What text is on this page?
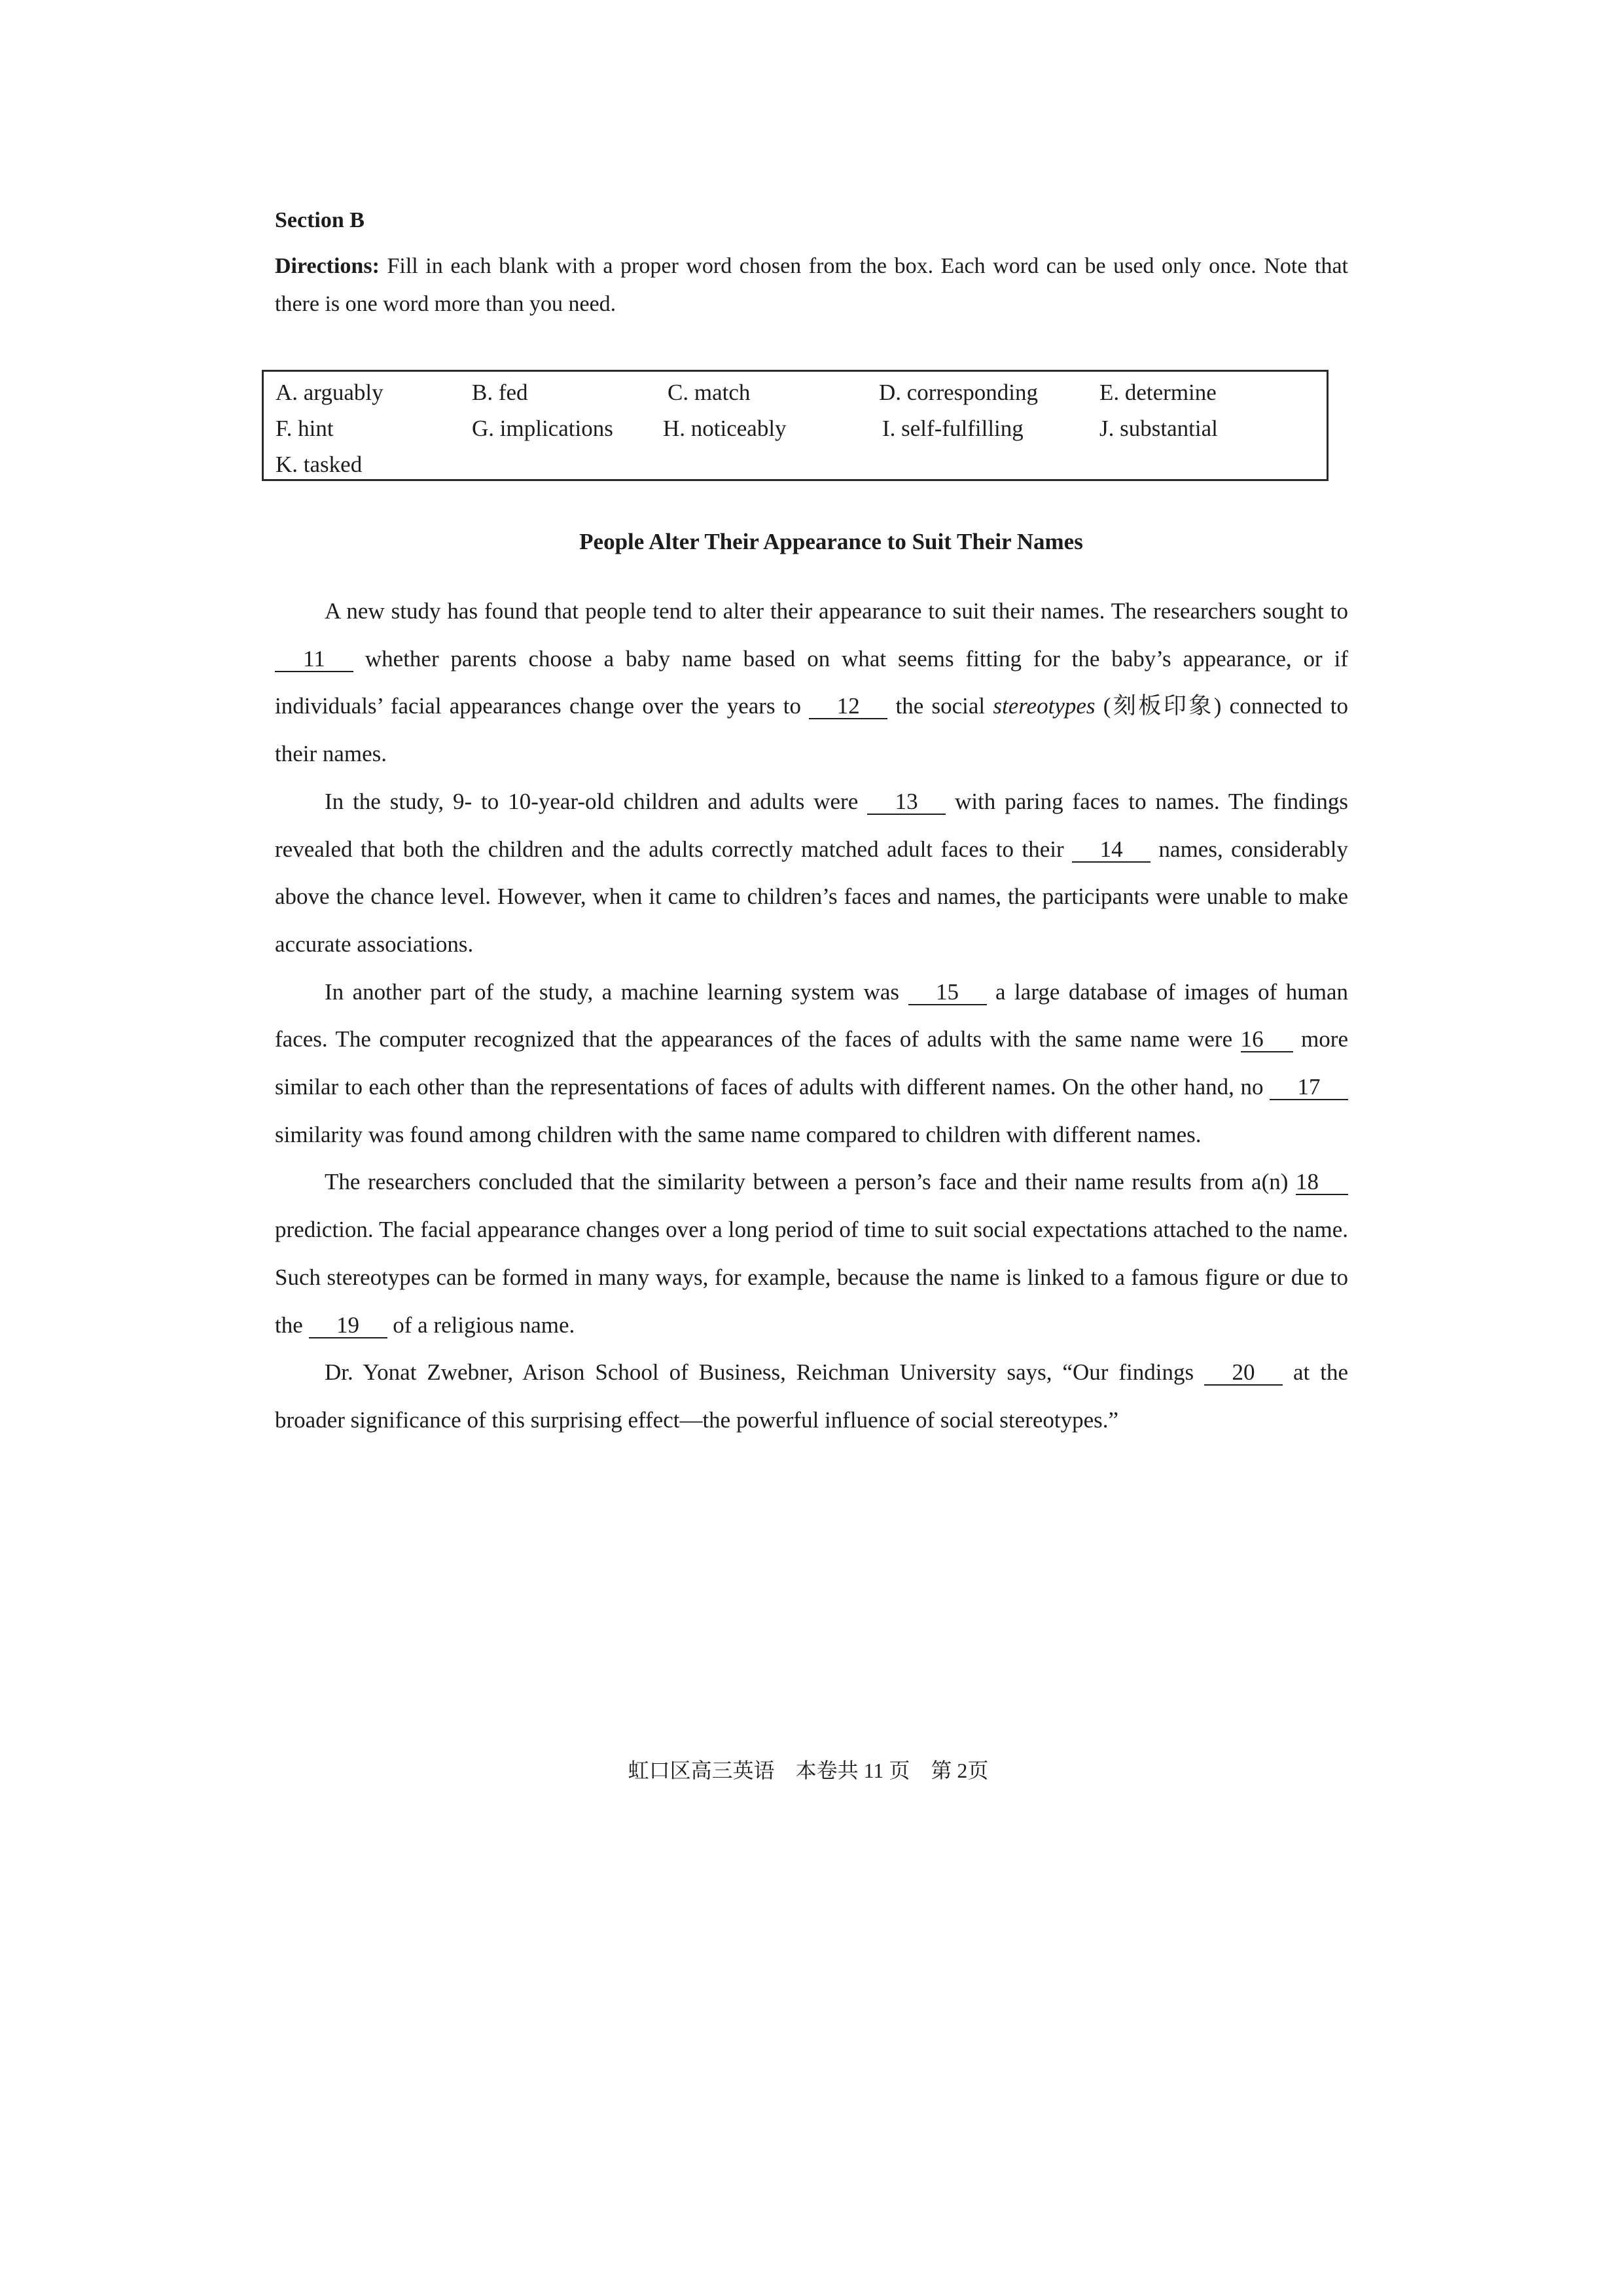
Section B
Directions: Fill in each blank with a proper word chosen from the box. Each word can be used only once. Note that there is one word more than you need.
A. arguably	B. fed	C. match	D. corresponding	E. determine
F. hint	G. implications H. noticeably	I. self-fulfilling	J. substantial
K. tasked
People Alter Their Appearance to Suit Their Names

A new study has found that people tend to alter their appearance to suit their names. The researchers sought to 11 whether parents choose a baby name based on what seems fitting for the baby’s appearance, or if individuals’ facial appearances change over the years to 12 the social stereotypes (刻板印象) connected to their names.

In the study, 9- to 10-year-old children and adults were 13 with paring faces to names. The findings revealed that both the children and the adults correctly matched adult faces to their 14 names, considerably above the chance level. However, when it came to children’s faces and names, the participants were unable to make accurate associations.

In another part of the study, a machine learning system was 15 a large database of images of human faces. The computer recognized that the appearances of the faces of adults with the same name were 16 more similar to each other than the representations of faces of adults with different names. On the other hand, no 17 similarity was found among children with the same name compared to children with different names.

The researchers concluded that the similarity between a person’s face and their name results from a(n) 18 prediction. The facial appearance changes over a long period of time to suit social expectations attached to the name. Such stereotypes can be formed in many ways, for example, because the name is linked to a famous figure or due to the 19 of a religious name.

Dr. Yonat Zwebner, Arison School of Business, Reichman University says, “Our findings 20 at the broader significance of this surprising effect—the powerful influence of social stereotypes.”

虹口区高三英语　本卷共 11 页　第 2页
